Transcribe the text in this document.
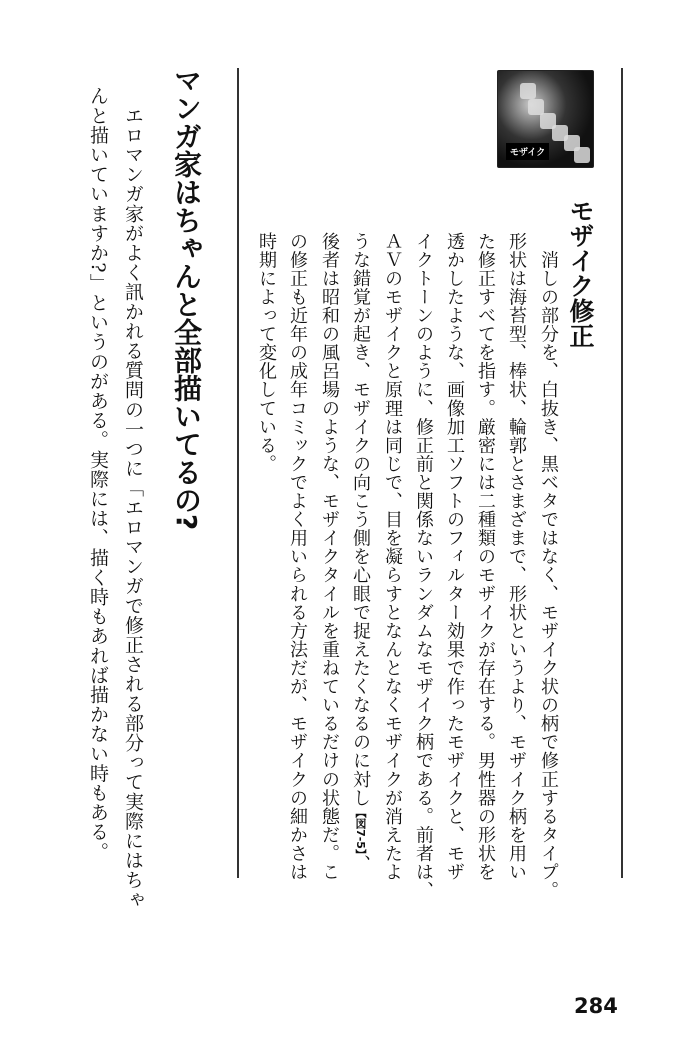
モザイク
モザイク修正
　消しの部分を、白抜き、黒ベタではなく、モザイク状の柄で修正するタイプ。
形状は海苔型、棒状、輪郭とさまざまで、形状というより、モザイク柄を用い
た修正すべてを指す。厳密には二種類のモザイクが存在する。男性器の形状を
透かしたような、画像加工ソフトのフィルター効果で作ったモザイクと、モザ
イクトーンのように、修正前と関係ないランダムなモザイク柄である。前者は、
ＡＶのモザイクと原理は同じで、目を凝らすとなんとなくモザイクが消えたよ
うな錯覚が起き、モザイクの向こう側を心眼で捉えたくなるのに対し【図7-5】、
後者は昭和の風呂場のような、モザイクタイルを重ねているだけの状態だ。こ
の修正も近年の成年コミックでよく用いられる方法だが、モザイクの細かさは
時期によって変化している。
マンガ家はちゃんと全部描いてるの?
　エロマンガ家がよく訊かれる質問の一つに「エロマンガで修正される部分って実際にはちゃ
んと描いていますか?」というのがある。実際には、描く時もあれば描かない時もある。
284
